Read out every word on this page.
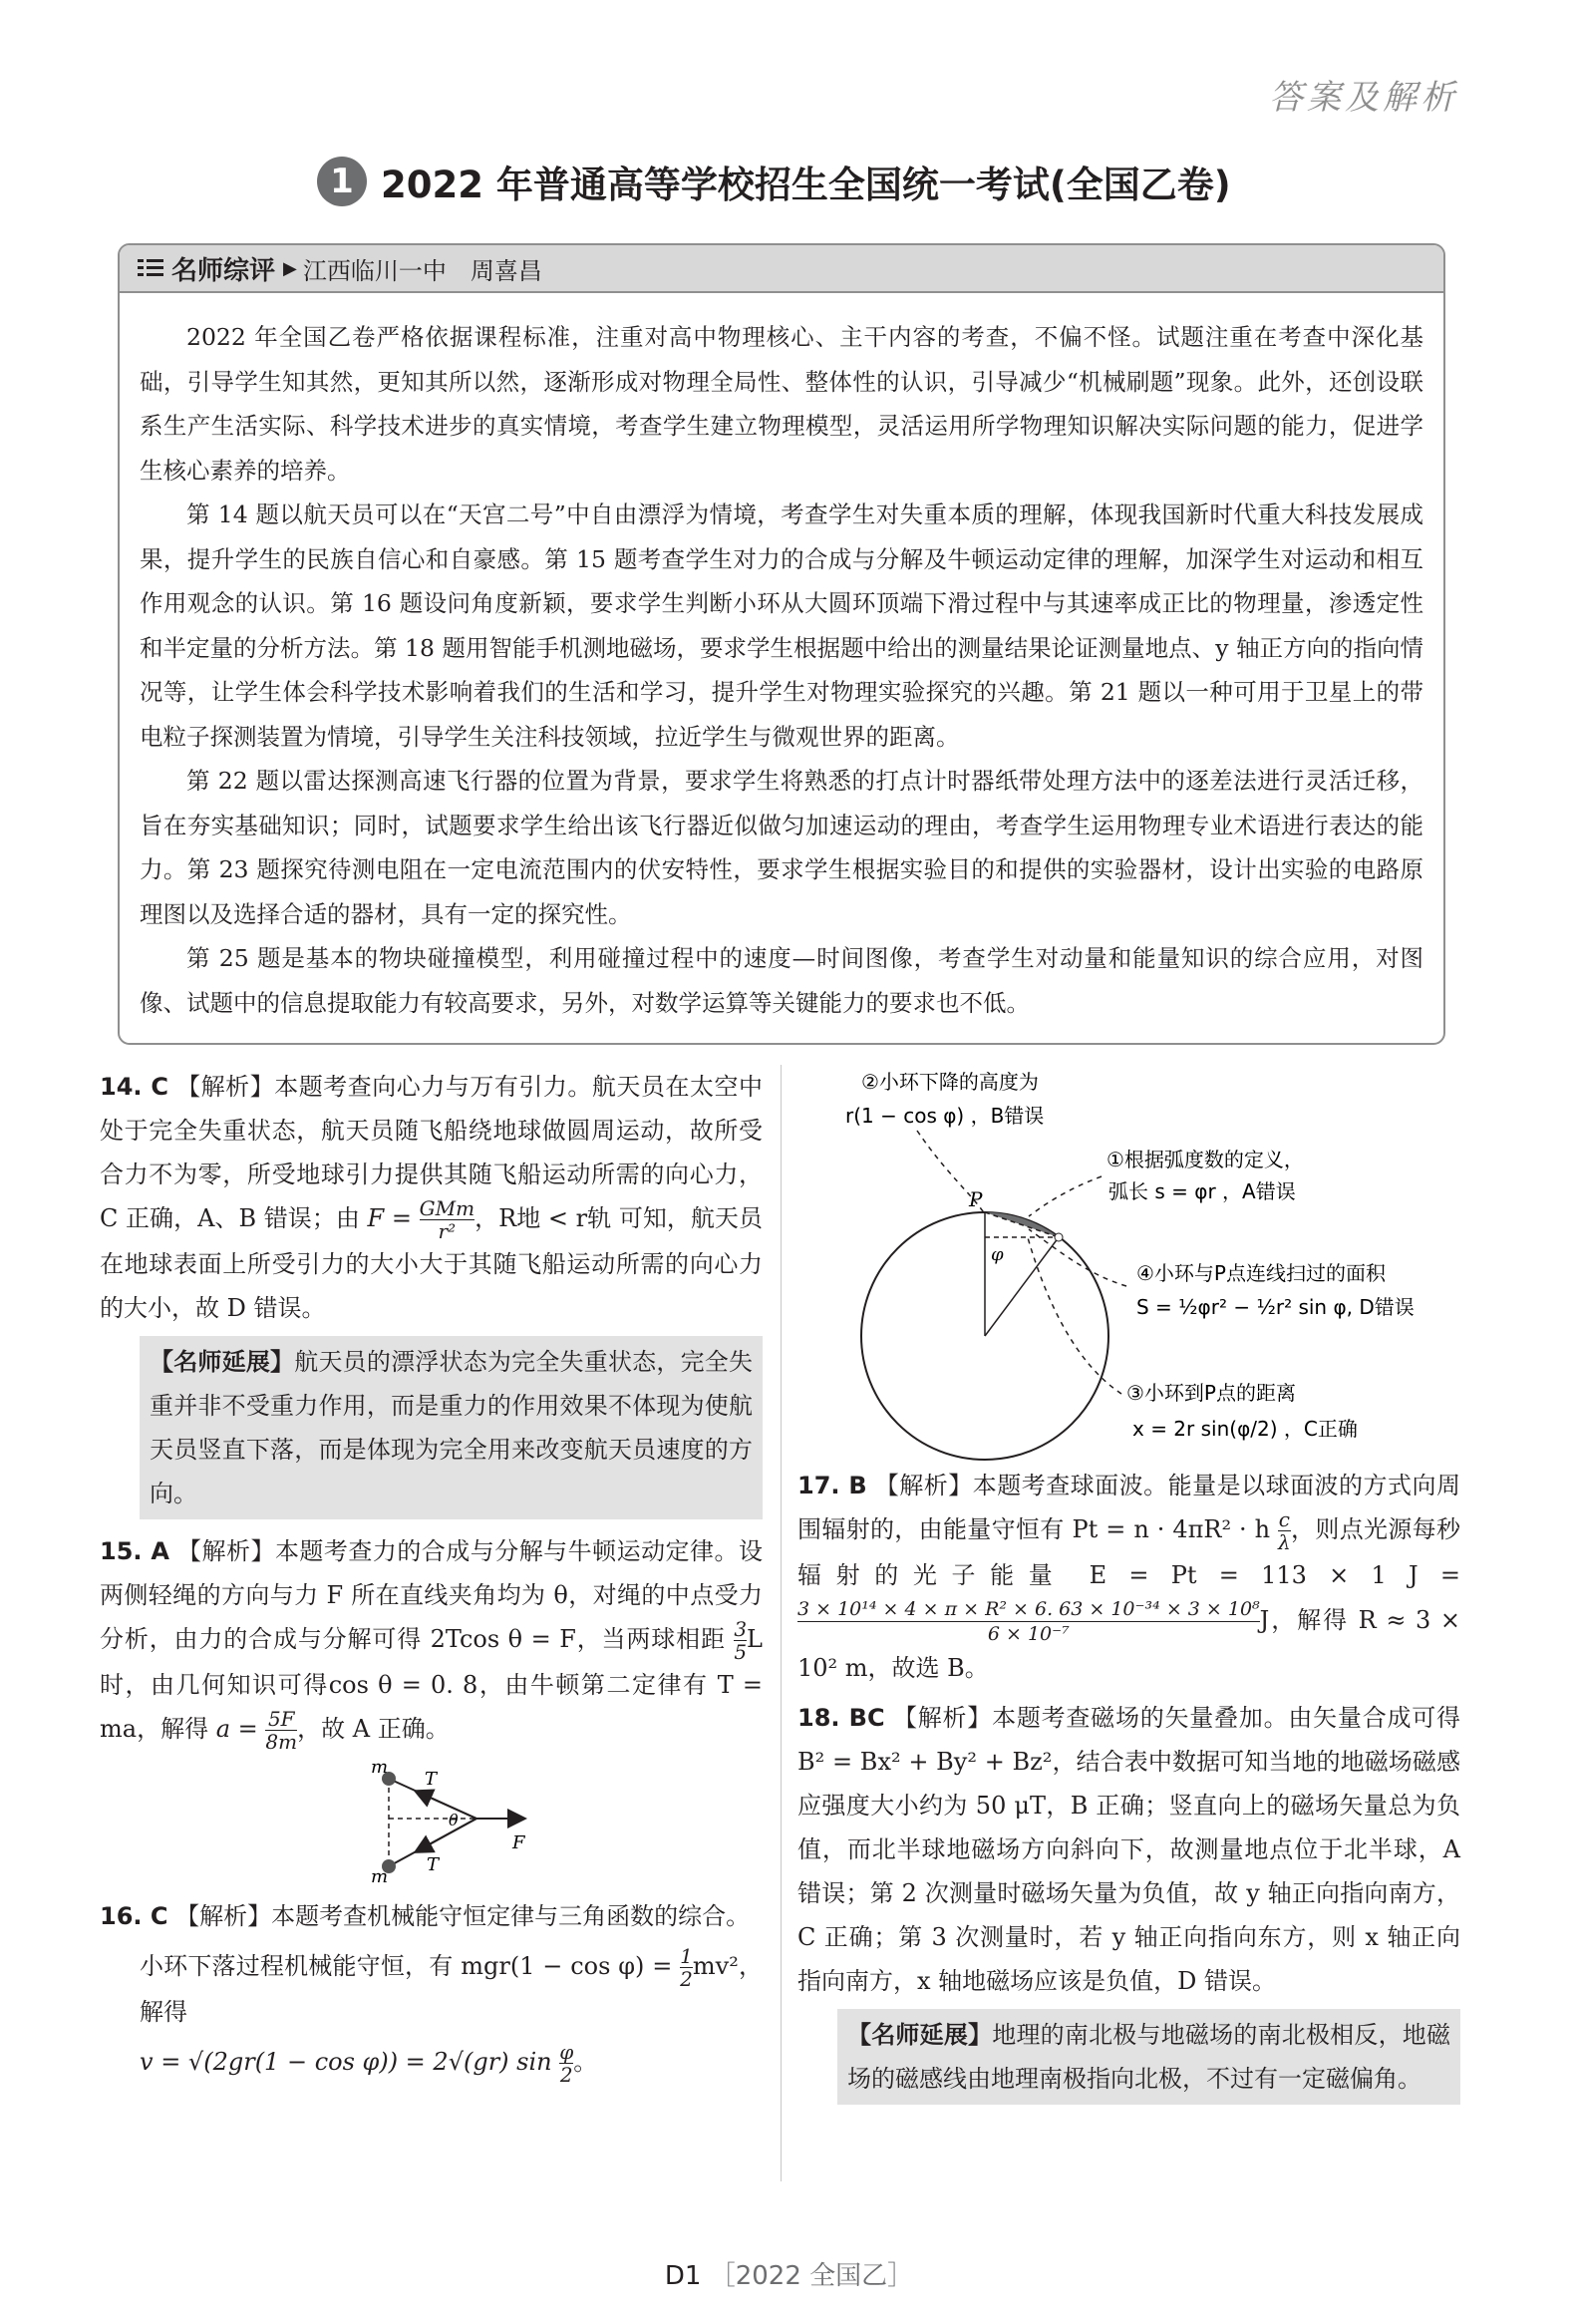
答案及解析
1 2022 年普通高等学校招生全国统一考试(全国乙卷)
名师综评 ▶ 江西临川一中　周喜昌

2022 年全国乙卷严格依据课程标准，注重对高中物理核心、主干内容的考查，不偏不怪。试题注重在考查中深化基础，引导学生知其然，更知其所以然，逐渐形成对物理全局性、整体性的认识，引导减少“机械刷题”现象。此外，还创设联系生产生活实际、科学技术进步的真实情境，考查学生建立物理模型，灵活运用所学物理知识解决实际问题的能力，促进学生核心素养的培养。

第 14 题以航天员可以在“天宫二号”中自由漂浮为情境，考查学生对失重本质的理解，体现我国新时代重大科技发展成果，提升学生的民族自信心和自豪感。第 15 题考查学生对力的合成与分解及牛顿运动定律的理解，加深学生对运动和相互作用观念的认识。第 16 题设问角度新颖，要求学生判断小环从大圆环顶端下滑过程中与其速率成正比的物理量，渗透定性和半定量的分析方法。第 18 题用智能手机测地磁场，要求学生根据题中给出的测量结果论证测量地点、y 轴正方向的指向情况等，让学生体会科学技术影响着我们的生活和学习，提升学生对物理实验探究的兴趣。第 21 题以一种可用于卫星上的带电粒子探测装置为情境，引导学生关注科技领域，拉近学生与微观世界的距离。

第 22 题以雷达探测高速飞行器的位置为背景，要求学生将熟悉的打点计时器纸带处理方法中的逐差法进行灵活迁移，旨在夯实基础知识；同时，试题要求学生给出该飞行器近似做匀加速运动的理由，考查学生运用物理专业术语进行表达的能力。第 23 题探究待测电阻在一定电流范围内的伏安特性，要求学生根据实验目的和提供的实验器材，设计出实验的电路原理图以及选择合适的器材，具有一定的探究性。

第 25 题是基本的物块碰撞模型，利用碰撞过程中的速度—时间图像，考查学生对动量和能量知识的综合应用，对图像、试题中的信息提取能力有较高要求，另外，对数学运算等关键能力的要求也不低。

14. C 【解析】本题考查向心力与万有引力。航天员在太空中处于完全失重状态，航天员随飞船绕地球做圆周运动，故所受合力不为零，所受地球引力提供其随飞船运动所需的向心力，C 正确，A、B 错误；由 F = GMm
r² ，R地 < r轨 可知，航天员在地球表面上所受引力的大小大于其随飞船运动所需的向心力的大小，故 D 错误。
【名师延展】航天员的漂浮状态为完全失重状态，完全失重并非不受重力作用，而是重力的作用效果不体现为使航天员竖直下落，而是体现为完全用来改变航天员速度的方向。
15. A 【解析】本题考查力的合成与分解与牛顿运动定律。设两侧轻绳的方向与力 F 所在直线夹角均为 θ，对绳的中点受力分析，由力的合成与分解可得 2Tcos θ = F，当两球相距 $\frac{3}{5}$ L时，由几何知识可得cos θ = 0. 8，由牛顿第二定律有 T = ma，解得 $a = \frac{5F}{8m}$ ，故 A 正确。
m
m
T
T
F
θ
16. C 【解析】本题考查机械能守恒定律与三角函数的综合。
小环下落过程机械能守恒，有 $mgr(1 - \cos \varphi) = \frac{1}{2} mv^2$，解得
v = √(2gr(1 − cos φ)) = 2√(gr) $\sin \frac{\varphi}{2}$ 。
②小环下降的高度为
r(1 − cos φ) ，B错误
①根据弧度数的定义，
弧长 s = φr ，A错误
④小环与P点连线扫过的面积
S = ½φr² − ½r² sin φ, D错误
③小环到P点的距离
x = 2r sin(φ/2) ，C正确
P
φ
17. B 【解析】本题考查球面波。能量是以球面波的方式向周围辐射的，由能量守恒有 Pt = n · 4πR² · h $\frac{c}{\lambda}$ ，则点光源每秒辐射的光子能量 E = Pt = 113 × 1 J =
$\frac{\text{3 × 10¹⁴ × 4 × π × R² × 6. 63 × 10⁻³⁴ × 3 × 10⁸}}{\text{6 × 10⁻⁷}}$ J，解得 R ≈ 3 × 10² m，故选 B。
18. BC 【解析】本题考查磁场的矢量叠加。由矢量合成可得 B² = Bx² + By² + Bz²，结合表中数据可知当地的地磁场磁感应强度大小约为 50 μT，B 正确；竖直向上的磁场矢量总为负值，而北半球地磁场方向斜向下，故测量地点位于北半球，A 错误；第 2 次测量时磁场矢量为负值，故 y 轴正向指向南方，C 正确；第 3 次测量时，若 y 轴正向指向东方，则 x 轴正向指向南方，x 轴地磁场应该是负值，D 错误。
【名师延展】地理的南北极与地磁场的南北极相反，地磁场的磁感线由地理南极指向北极，不过有一定磁偏角。
D1 ［2022 全国乙］
